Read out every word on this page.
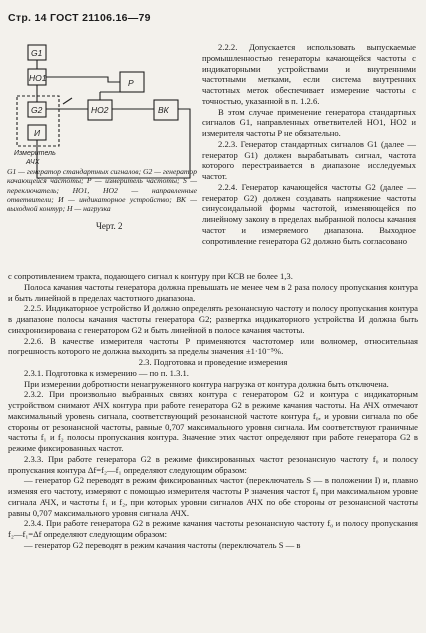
Стр. 14 ГОСТ 21106.16—79
G1
HO1	P
G2	HO2	ВК
И
Измеритель
АЧХ
G1 — генератор стандартных сигналов; G2 — генератор качающейся частоты; P — измеритель частоты; S — переключатель; HO1, HO2 — направленные ответвители; И — индикаторное устройство; ВК — выходной контур; H — нагрузка
Черт. 2

2.2.2. Допускается использовать выпускаемые промышленностью генераторы качающейся частоты с индикаторными устройствами и внутренними частотными метками, если система внутренних частотных меток обеспечивает измерение частоты с точностью, указанной в п. 1.2.6.

В этом случае применение генератора стандартных сигналов G1, направленных ответвителей HO1, HO2 и измерителя частоты P не обязательно.

2.2.3. Генератор стандартных сигналов G1 (далее — генератор G1) должен вырабатывать сигнал, частота которого перестраивается в диапазоне исследуемых частот.

2.2.4. Генератор качающейся частоты G2 (далее — генератор G2) должен создавать напряжение частоты синусоидальной формы частотой, изменяющейся по линейному закону в пределах выбранной полосы качания частот и измеряемого диапазона. Выходное сопротивление генератора G2 должно быть согласовано

с сопротивлением тракта, подающего сигнал к контуру при КСВ не более 1,3.

Полоса качания частоты генератора должна превышать не менее чем в 2 раза полосу пропускания контура и быть линейной в пределах частотного диапазона.

2.2.5. Индикаторное устройство И должно определять резонансную частоту и полосу пропускания контура в диапазоне полосы качания частоты генератора G2; развертка индикаторного устройства И должна быть синхронизирована с генератором G2 и быть линейной в полосе качания частоты.

2.2.6. В качестве измерителя частоты P применяются частотомер или волномер, относительная погрешность которого не должна выходить за пределы значения ±1·10⁻⁵%.

2.3. Подготовка и проведение измерения

2.3.1. Подготовка к измерению — по п. 1.3.1.

При измерении добротности ненагруженного контура нагрузка от контура должна быть отключена.

2.3.2. При произвольно выбранных связях контура с генератором G2 и контура с индикаторным устройством снимают АЧХ контура при работе генератора G2 в режиме качания частоты. На АЧХ отмечают максимальный уровень сигнала, соответствующий резонансной частоте контура f₀, и уровни сигнала по обе стороны от резонансной частоты, равные 0,707 максимального уровня сигнала. Им соответствуют граничные частоты f₁ и f₂ полосы пропускания контура. Значение этих частот определяют при работе генератора G2 в режиме фиксированных частот.

2.3.3. При работе генератора G2 в режиме фиксированных частот резонансную частоту f₀ и полосу пропускания контура Δf=f₂—f₁ определяют следующим образом:

— генератор G2 переводят в режим фиксированных частот (переключатель S — в положении I) и, плавно изменяя его частоту, измеряют с помощью измерителя частоты P значения частот f₀ при максимальном уровне сигнала АЧХ, и частоты f₁ и f₂, при которых уровни сигналов АЧХ по обе стороны от резонансной частоты равны 0,707 максимального уровня сигнала АЧХ.

2.3.4. При работе генератора G2 в режиме качания частоты резонансную частоту f₀ и полосу пропускания f₂—f₁=Δf определяют следующим образом:

— генератор G2 переводят в режим качания частоты (переключатель S — в
